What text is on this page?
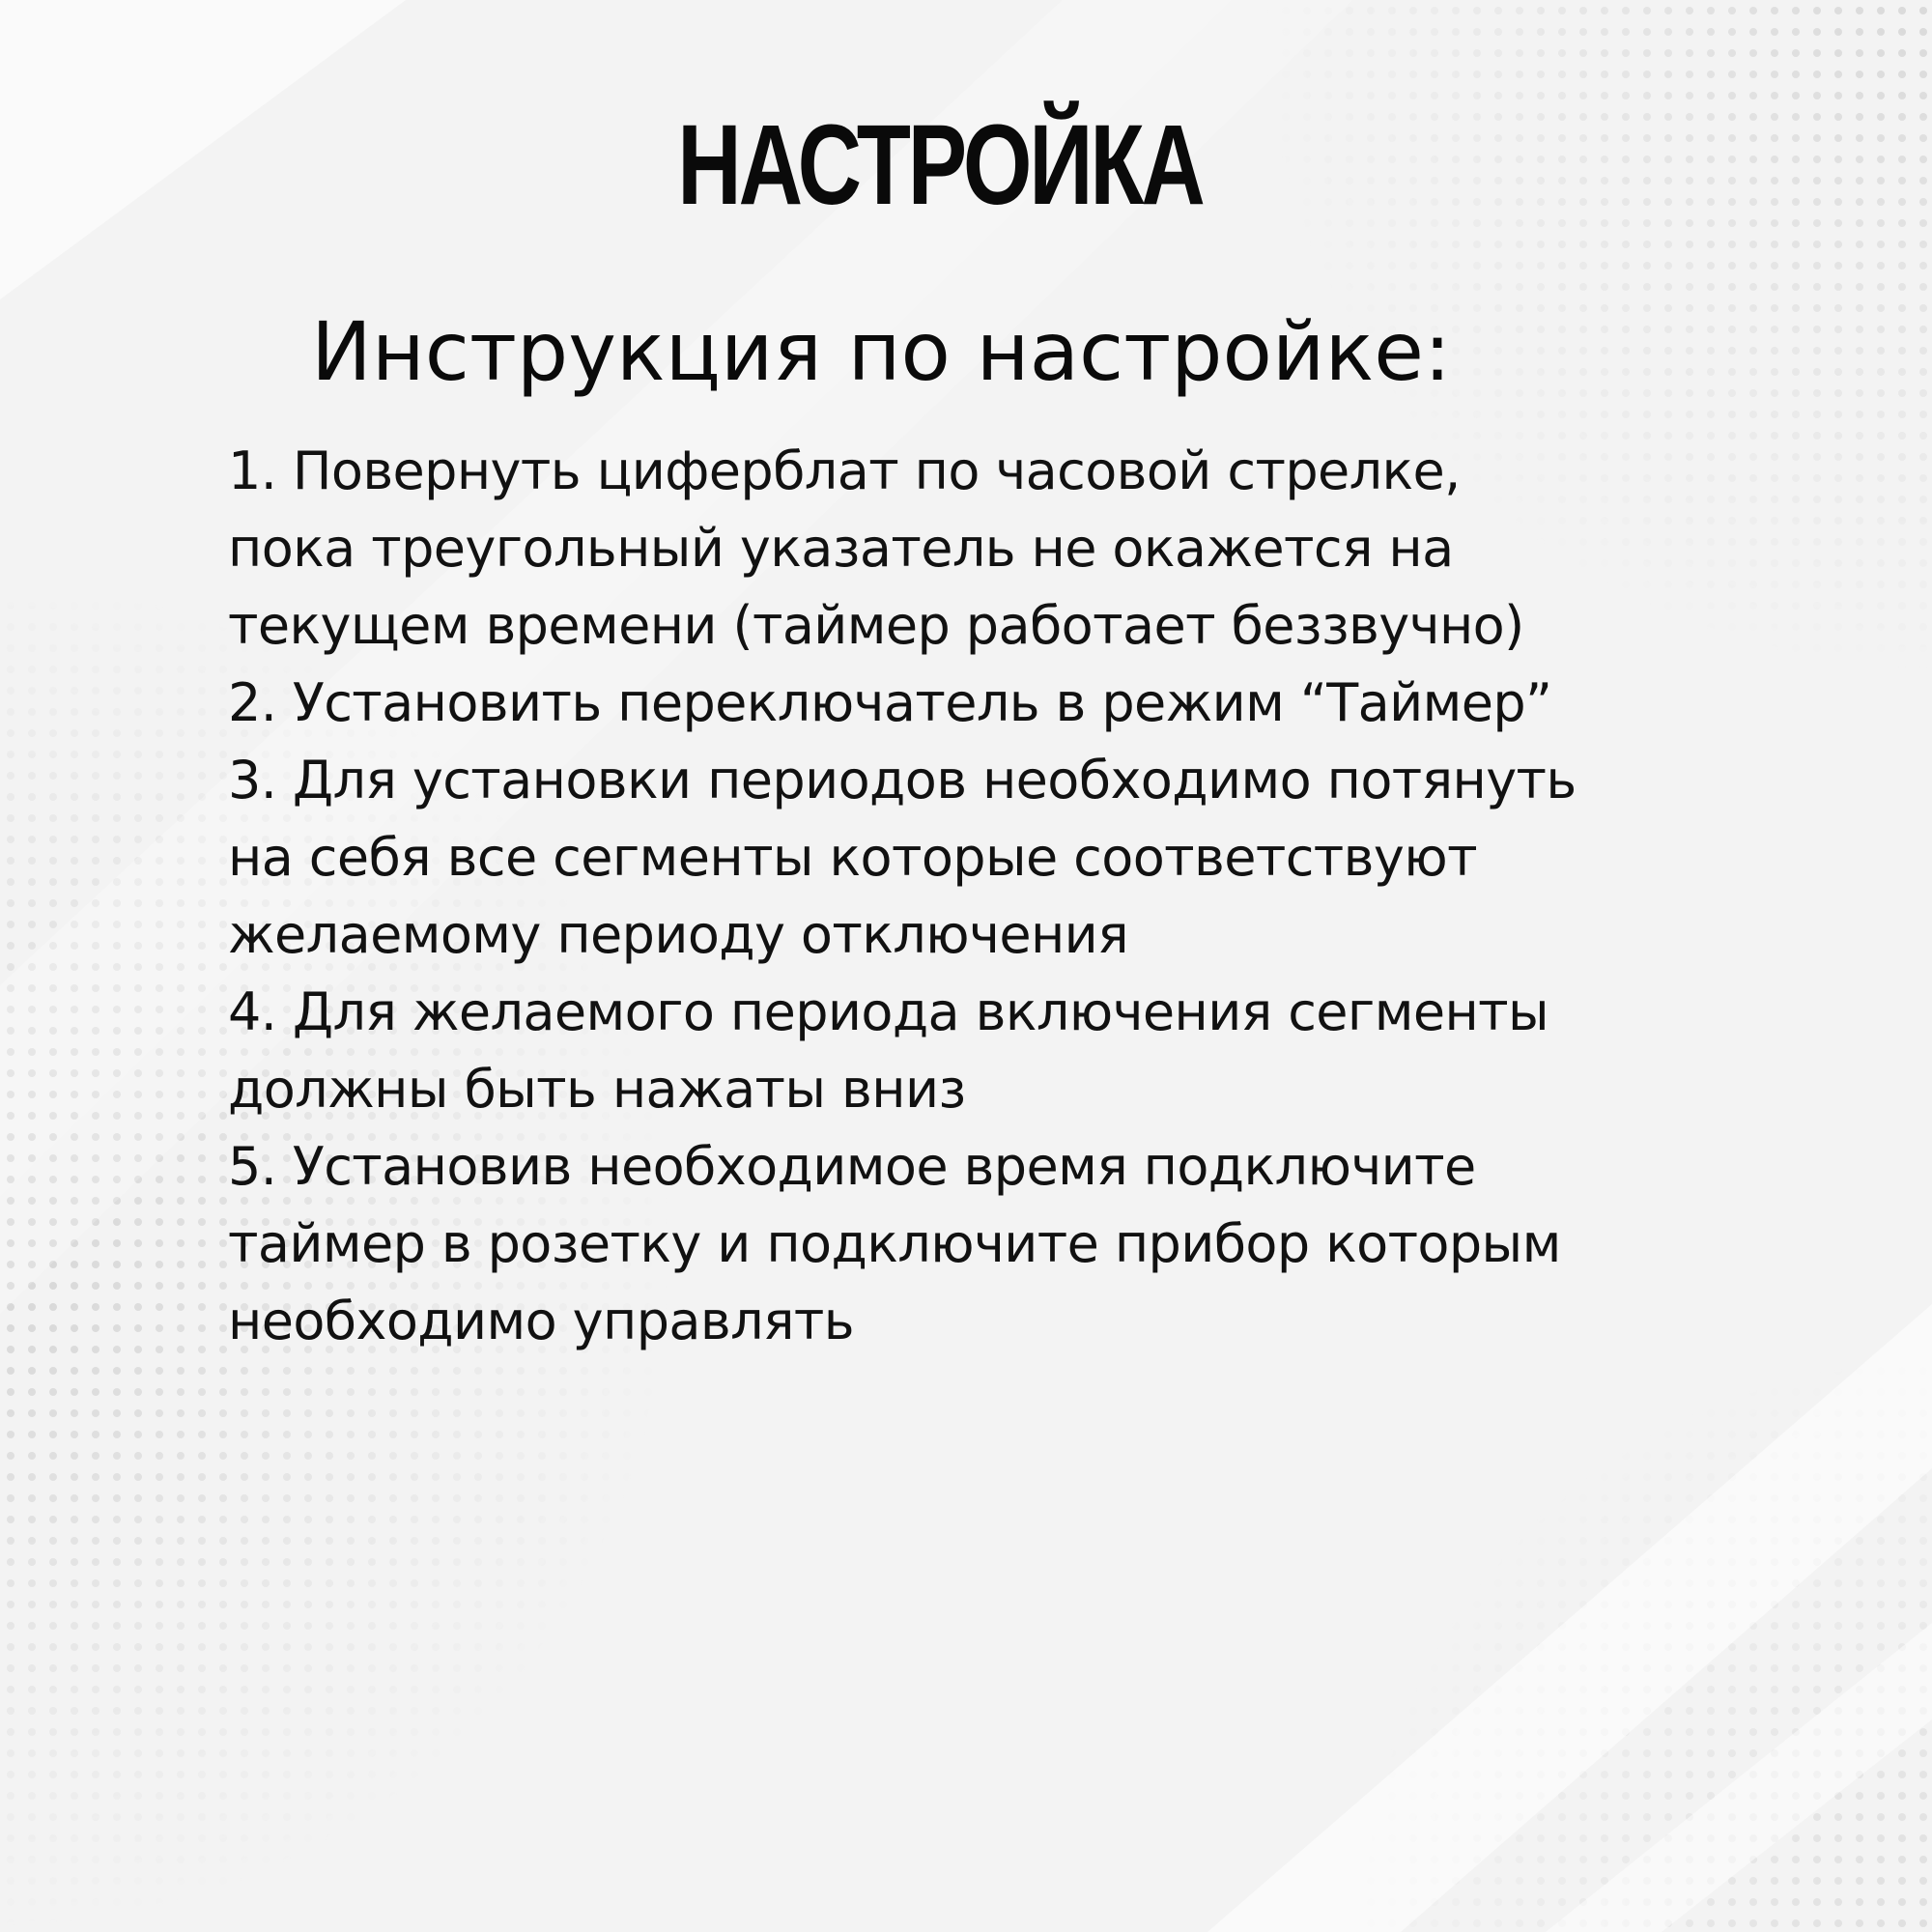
НАСТРОЙКА
Инструкция по настройке:
1. Повернуть циферблат по часовой стрелке,
пока треугольный указатель не окажется на
текущем времени (таймер работает беззвучно)
2. Установить переключатель в режим “Таймер”
3. Для установки периодов необходимо потянуть
на себя все сегменты которые соответствуют
желаемому периоду отключения
4. Для желаемого периода включения сегменты
должны быть нажаты вниз
5. Установив необходимое время подключите
таймер в розетку и подключите прибор которым
необходимо управлять
